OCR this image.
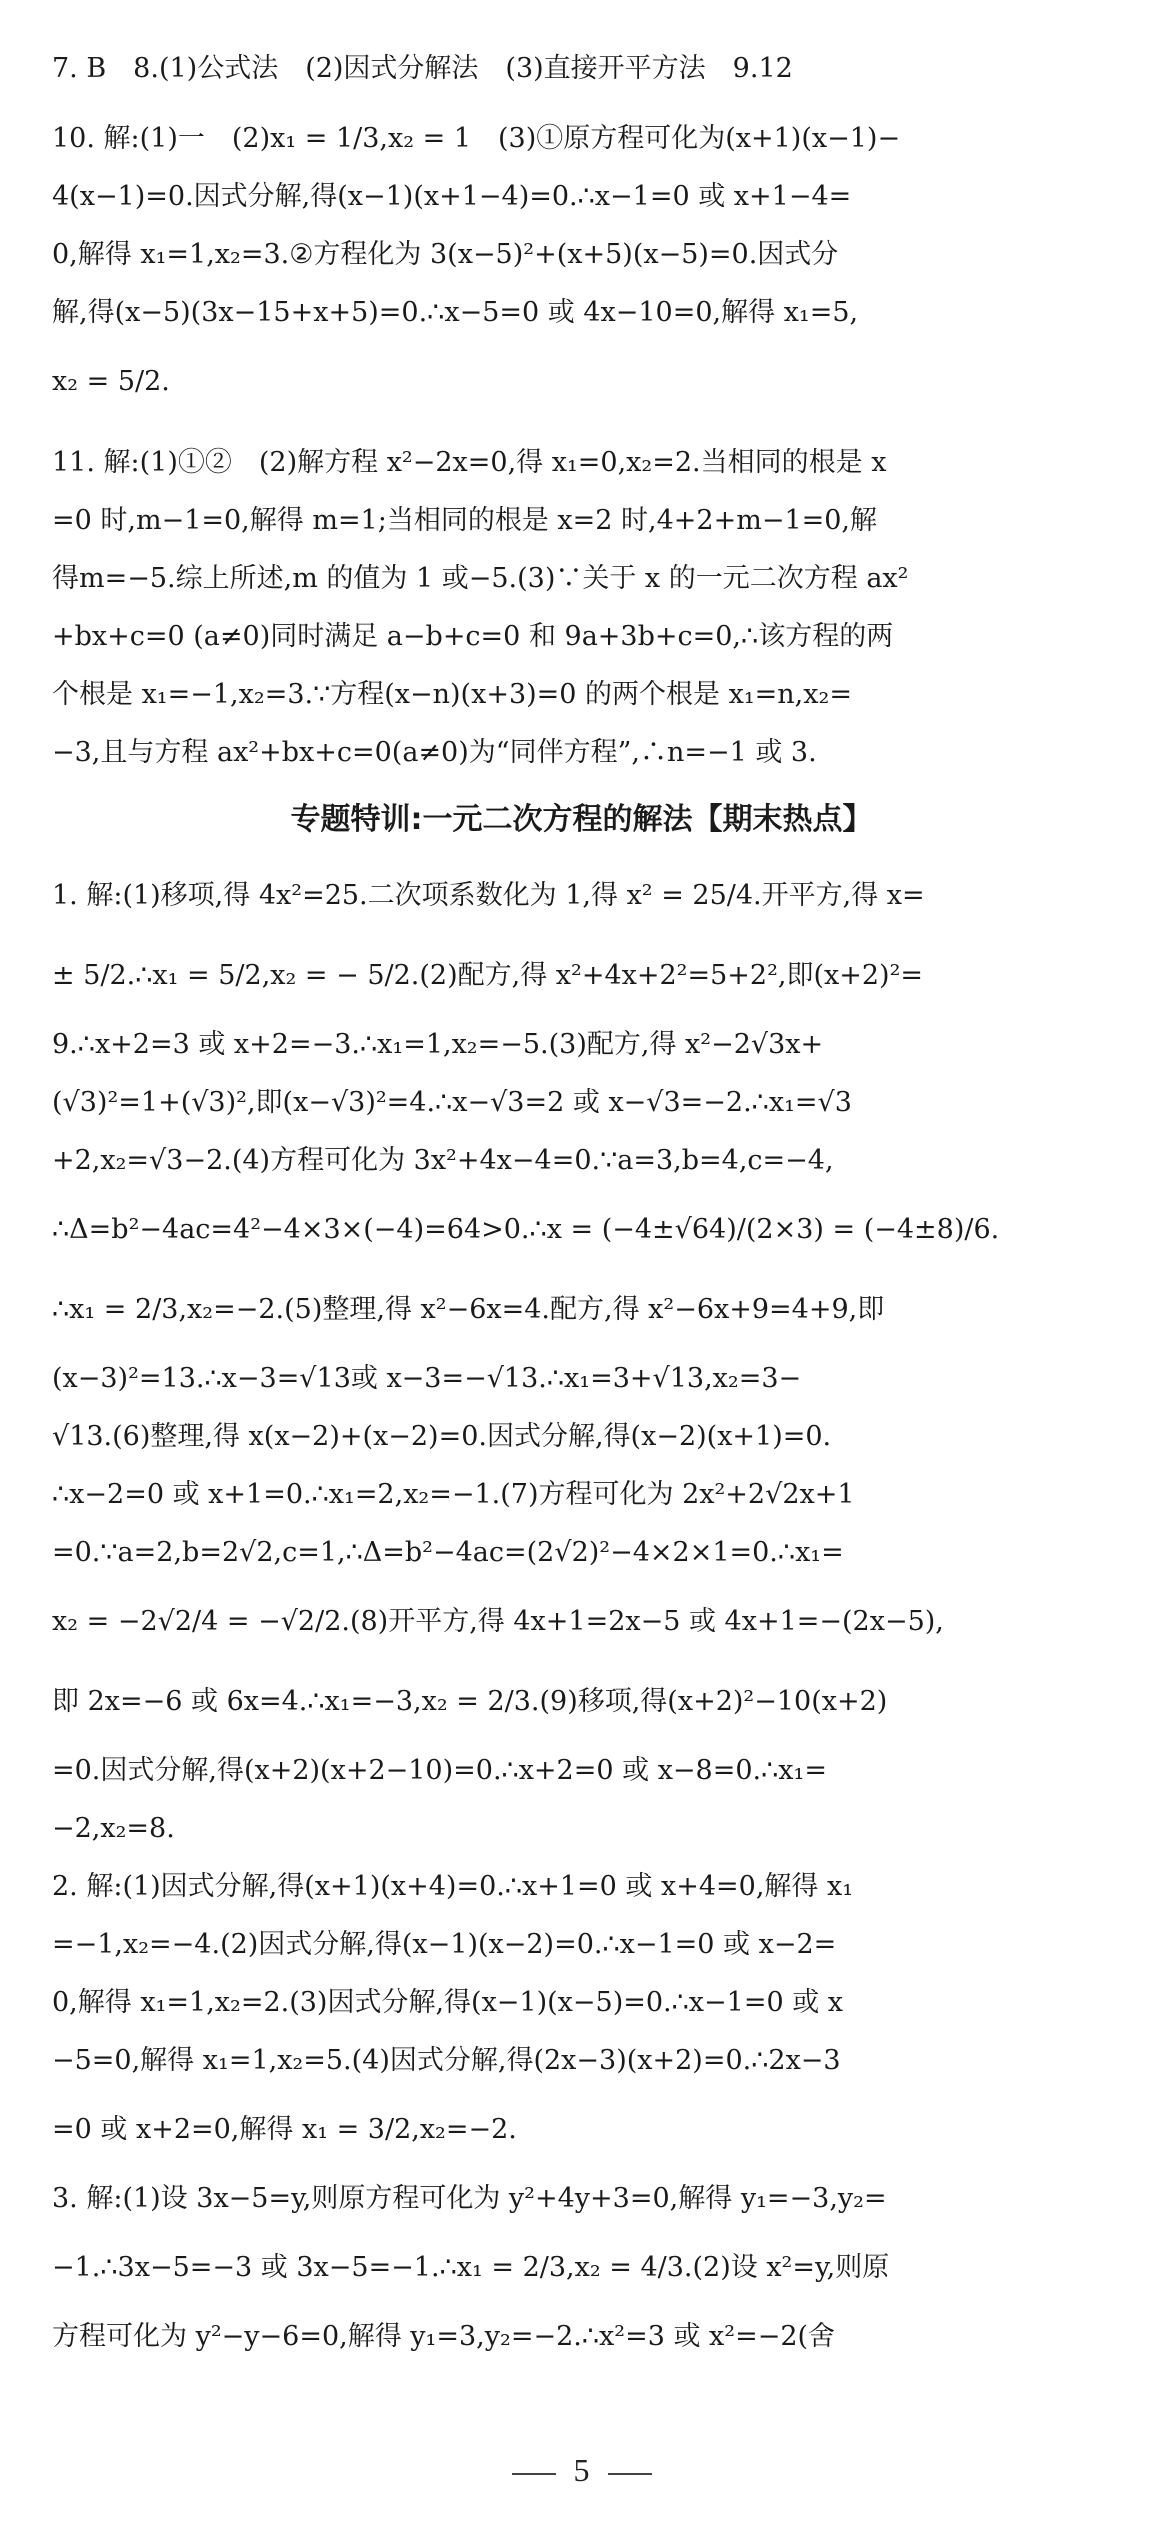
7. B　8.(1)公式法　(2)因式分解法　(3)直接开平方法　9.12
10. 解:(1)一　(2)x₁ = 1/3,x₂ = 1　(3)①原方程可化为(x+1)(x−1)−
4(x−1)=0.因式分解,得(x−1)(x+1−4)=0.∴x−1=0 或 x+1−4=
0,解得 x₁=1,x₂=3.②方程化为 3(x−5)²+(x+5)(x−5)=0.因式分
解,得(x−5)(3x−15+x+5)=0.∴x−5=0 或 4x−10=0,解得 x₁=5,
x₂ = 5/2.
11. 解:(1)①②　(2)解方程 x²−2x=0,得 x₁=0,x₂=2.当相同的根是 x
=0 时,m−1=0,解得 m=1;当相同的根是 x=2 时,4+2+m−1=0,解
得m=−5.综上所述,m 的值为 1 或−5.(3)∵关于 x 的一元二次方程 ax²
+bx+c=0 (a≠0)同时满足 a−b+c=0 和 9a+3b+c=0,∴该方程的两
个根是 x₁=−1,x₂=3.∵方程(x−n)(x+3)=0 的两个根是 x₁=n,x₂=
−3,且与方程 ax²+bx+c=0(a≠0)为“同伴方程”,∴n=−1 或 3.
专题特训:一元二次方程的解法【期末热点】
1. 解:(1)移项,得 4x²=25.二次项系数化为 1,得 x² = 25/4.开平方,得 x=
± 5/2.∴x₁ = 5/2,x₂ = − 5/2.(2)配方,得 x²+4x+2²=5+2²,即(x+2)²=
9.∴x+2=3 或 x+2=−3.∴x₁=1,x₂=−5.(3)配方,得 x²−2√3x+
(√3)²=1+(√3)²,即(x−√3)²=4.∴x−√3=2 或 x−√3=−2.∴x₁=√3
+2,x₂=√3−2.(4)方程可化为 3x²+4x−4=0.∵a=3,b=4,c=−4,
∴Δ=b²−4ac=4²−4×3×(−4)=64>0.∴x = (−4±√64)/(2×3) = (−4±8)/6.
∴x₁ = 2/3,x₂=−2.(5)整理,得 x²−6x=4.配方,得 x²−6x+9=4+9,即
(x−3)²=13.∴x−3=√13或 x−3=−√13.∴x₁=3+√13,x₂=3−
√13.(6)整理,得 x(x−2)+(x−2)=0.因式分解,得(x−2)(x+1)=0.
∴x−2=0 或 x+1=0.∴x₁=2,x₂=−1.(7)方程可化为 2x²+2√2x+1
=0.∵a=2,b=2√2,c=1,∴Δ=b²−4ac=(2√2)²−4×2×1=0.∴x₁=
x₂ = −2√2/4 = −√2/2.(8)开平方,得 4x+1=2x−5 或 4x+1=−(2x−5),
即 2x=−6 或 6x=4.∴x₁=−3,x₂ = 2/3.(9)移项,得(x+2)²−10(x+2)
=0.因式分解,得(x+2)(x+2−10)=0.∴x+2=0 或 x−8=0.∴x₁=
−2,x₂=8.
2. 解:(1)因式分解,得(x+1)(x+4)=0.∴x+1=0 或 x+4=0,解得 x₁
=−1,x₂=−4.(2)因式分解,得(x−1)(x−2)=0.∴x−1=0 或 x−2=
0,解得 x₁=1,x₂=2.(3)因式分解,得(x−1)(x−5)=0.∴x−1=0 或 x
−5=0,解得 x₁=1,x₂=5.(4)因式分解,得(2x−3)(x+2)=0.∴2x−3
=0 或 x+2=0,解得 x₁ = 3/2,x₂=−2.
3. 解:(1)设 3x−5=y,则原方程可化为 y²+4y+3=0,解得 y₁=−3,y₂=
−1.∴3x−5=−3 或 3x−5=−1.∴x₁ = 2/3,x₂ = 4/3.(2)设 x²=y,则原
方程可化为 y²−y−6=0,解得 y₁=3,y₂=−2.∴x²=3 或 x²=−2(舍
5
